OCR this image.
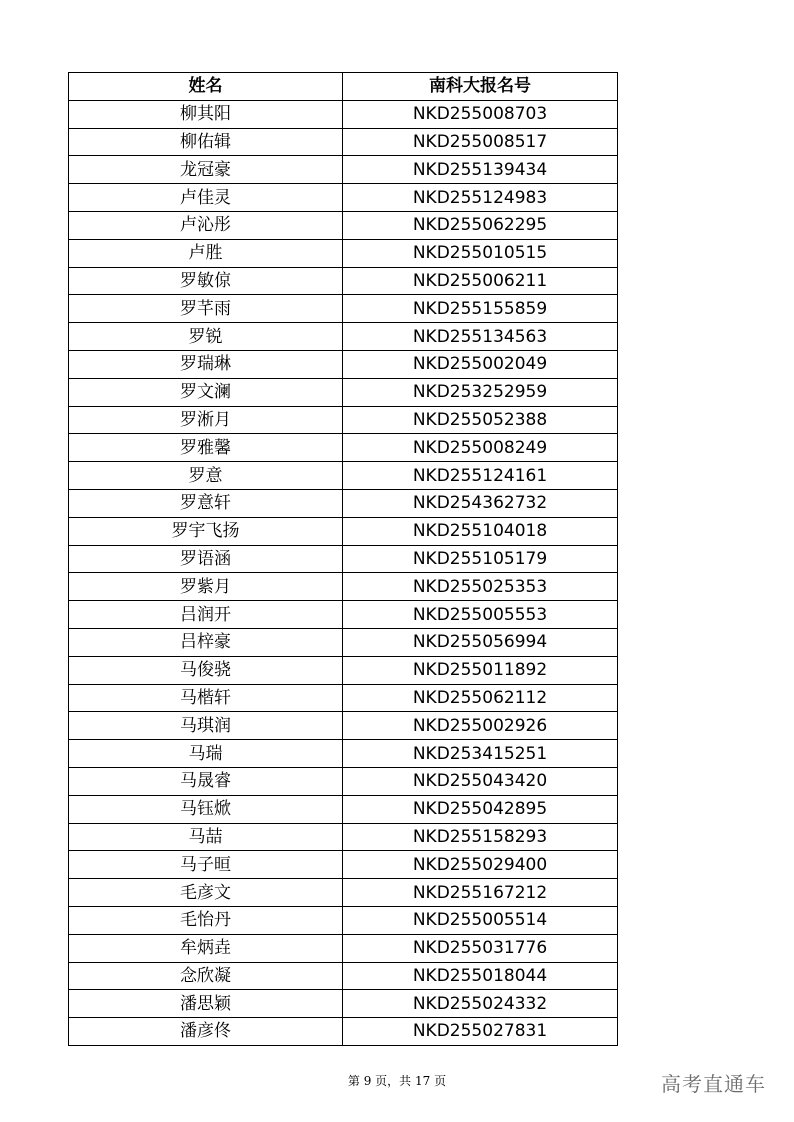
姓名	南科大报名号
柳其阳	NKD255008703
柳佑辑	NKD255008517
龙冠豪	NKD255139434
卢佳灵	NKD255124983
卢沁彤	NKD255062295
卢胜	NKD255010515
罗敏倞	NKD255006211
罗芊雨	NKD255155859
罗锐	NKD255134563
罗瑞琳	NKD255002049
罗文澜	NKD253252959
罗淅月	NKD255052388
罗雅馨	NKD255008249
罗意	NKD255124161
罗意轩	NKD254362732
罗宇飞扬	NKD255104018
罗语涵	NKD255105179
罗紫月	NKD255025353
吕润开	NKD255005553
吕梓豪	NKD255056994
马俊骁	NKD255011892
马楷轩	NKD255062112
马琪润	NKD255002926
马瑞	NKD253415251
马晟睿	NKD255043420
马钰焮	NKD255042895
马喆	NKD255158293
马子晅	NKD255029400
毛彦文	NKD255167212
毛怡丹	NKD255005514
牟炳垚	NKD255031776
念欣凝	NKD255018044
潘思颖	NKD255024332
潘彦佟	NKD255027831
第 9 页，共 17 页	高考直通车
